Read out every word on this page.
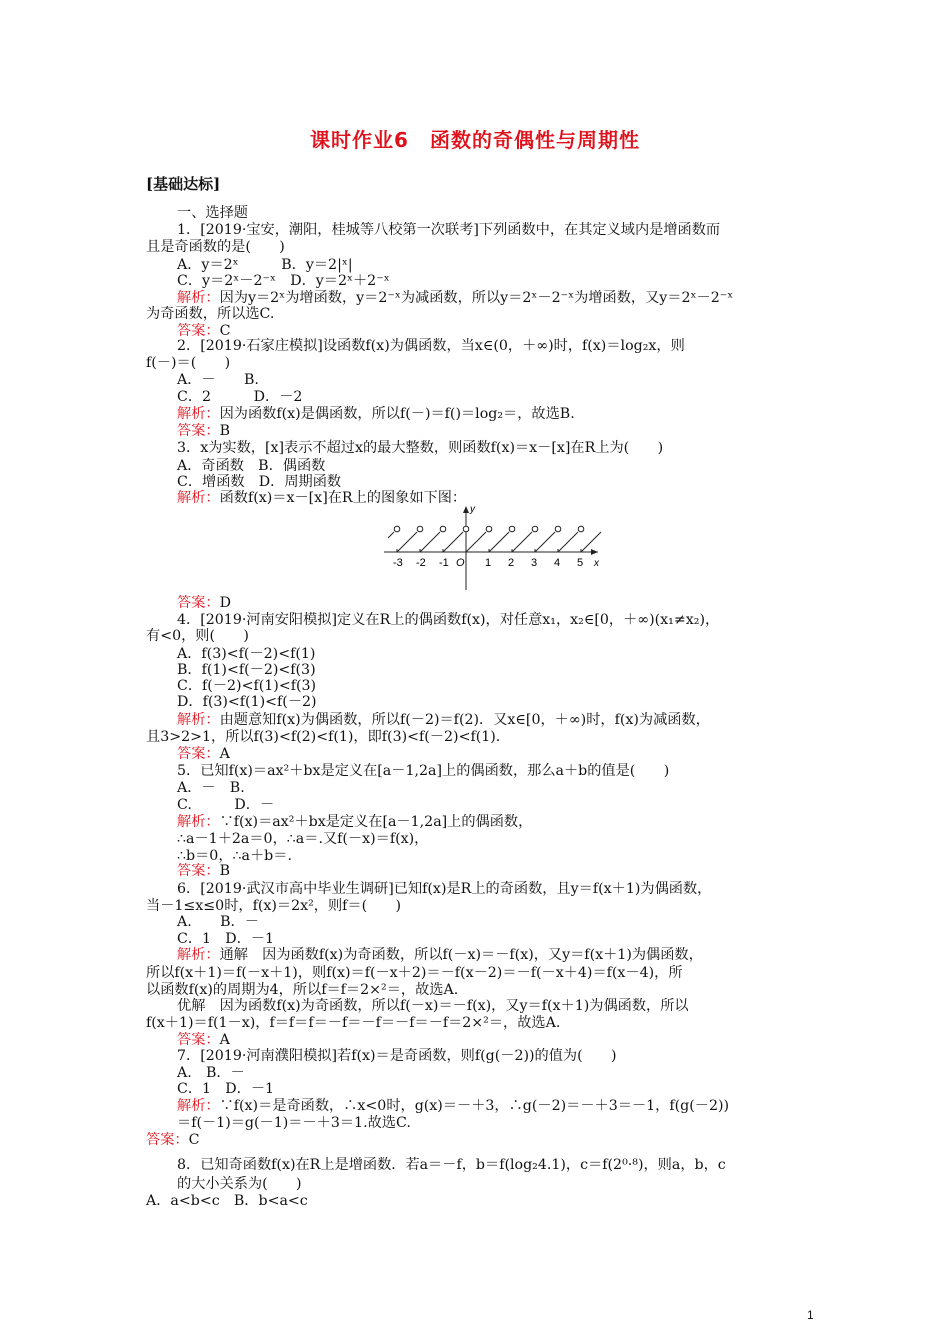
课时作业6　函数的奇偶性与周期性
[基础达标]
一、选择题
1．[2019·宝安，潮阳，桂城等八校第一次联考]下列函数中，在其定义域内是增函数而
且是奇函数的是(　　)
A．y＝2ˣ　　　B．y＝2|ˣ|
C．y＝2ˣ－2⁻ˣ　D．y＝2ˣ＋2⁻ˣ
解析：因为y＝2ˣ为增函数，y＝2⁻ˣ为减函数，所以y＝2ˣ－2⁻ˣ为增函数，又y＝2ˣ－2⁻ˣ
为奇函数，所以选C.
答案：C
2．[2019·石家庄模拟]设函数f(x)为偶函数，当x∈(0，＋∞)时，f(x)＝log₂x，则
f(－)＝(　　)
A．－　　B.
C．2　　　D．－2
解析：因为函数f(x)是偶函数，所以f(－)＝f()＝log₂＝，故选B.
答案：B
3．x为实数，[x]表示不超过x的最大整数，则函数f(x)＝x－[x]在R上为(　　)
A．奇函数　B．偶函数
C．增函数　D．周期函数
解析：函数f(x)＝x－[x]在R上的图象如下图：
答案：D
4．[2019·河南安阳模拟]定义在R上的偶函数f(x)，对任意x₁，x₂∈[0，＋∞)(x₁≠x₂)，
有<0，则(　　)
A．f(3)<f(－2)<f(1)
B．f(1)<f(－2)<f(3)
C．f(－2)<f(1)<f(3)
D．f(3)<f(1)<f(－2)
解析：由题意知f(x)为偶函数，所以f(－2)＝f(2)．又x∈[0，＋∞)时，f(x)为减函数，
且3>2>1，所以f(3)<f(2)<f(1)，即f(3)<f(－2)<f(1).
答案：A
5．已知f(x)＝ax²＋bx是定义在[a－1,2a]上的偶函数，那么a＋b的值是(　　)
A．－　B.
C.　　　D．－
解析：∵f(x)＝ax²＋bx是定义在[a－1,2a]上的偶函数，
∴a－1＋2a＝0，∴a＝.又f(－x)＝f(x)，
∴b＝0，∴a＋b＝.
答案：B
6．[2019·武汉市高中毕业生调研]已知f(x)是R上的奇函数，且y＝f(x＋1)为偶函数，
当－1≤x≤0时，f(x)＝2x²，则f＝(　　)
A.　　B．－
C．1　D．－1
解析：通解　因为函数f(x)为奇函数，所以f(－x)＝－f(x)，又y＝f(x＋1)为偶函数，
所以f(x＋1)＝f(－x＋1)，则f(x)＝f(－x＋2)＝－f(x－2)＝－f(－x＋4)＝f(x－4)，所
以函数f(x)的周期为4，所以f＝f＝2×²＝，故选A.
优解　因为函数f(x)为奇函数，所以f(－x)＝－f(x)，又y＝f(x＋1)为偶函数，所以
f(x＋1)＝f(1－x)，f＝f＝f＝－f＝－f＝－f＝－f＝2×²＝，故选A.
答案：A
7．[2019·河南濮阳模拟]若f(x)＝是奇函数，则f(g(－2))的值为(　　)
A.　B．－
C．1　D．－1
解析：∵f(x)＝是奇函数，∴x<0时，g(x)＝－＋3，∴g(－2)＝－＋3＝－1，f(g(－2))
＝f(－1)＝g(－1)＝－＋3＝1.故选C.
答案：C
8．已知奇函数f(x)在R上是增函数．若a＝－f，b＝f(log₂4.1)，c＝f(2⁰·⁸)，则a，b，c
的大小关系为(　　)
A．a<b<c　B．b<a<c
x
y
-3 -2 -1 O 1 2 3 4 5
1
